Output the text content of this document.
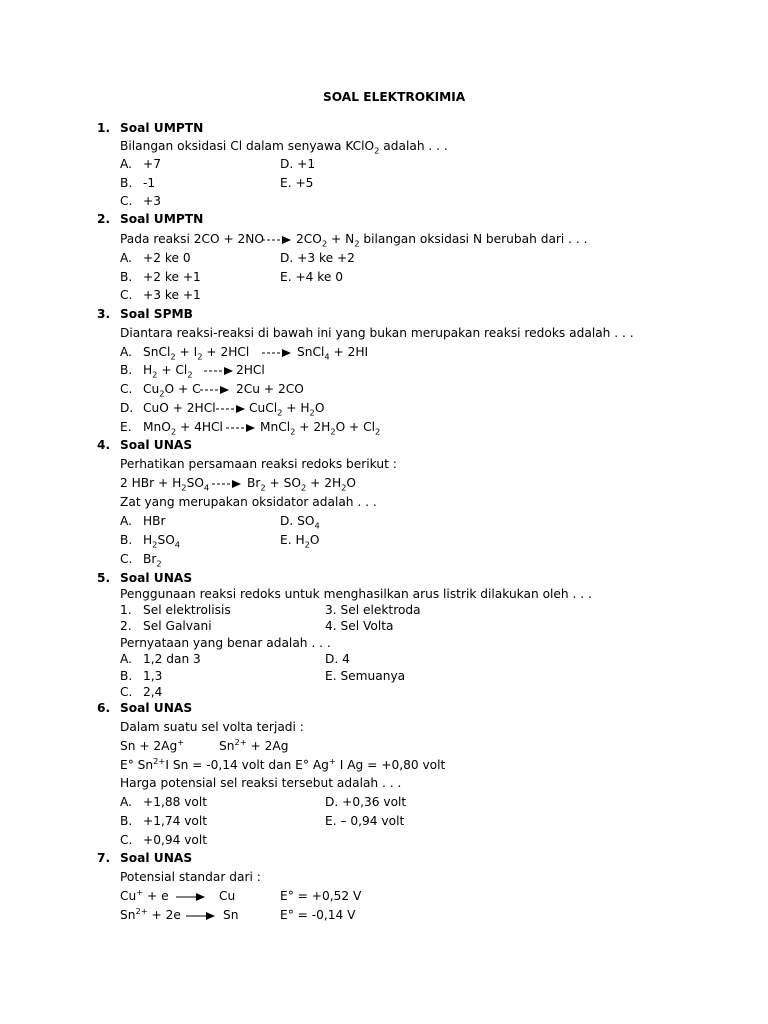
SOAL ELEKTROKIMIA
1. Soal UMPTN
Bilangan oksidasi Cl dalam senyawa KClO$_2$ adalah . . .
A. +7	D. +1
B. -1	E. +5
C. +3
2. Soal UMPTN
Pada reaksi $2CO + 2NO \to 2CO_2 + N_2$ bilangan oksidasi N berubah dari . . .
A. +2 ke 0	D. +3 ke +2
B. +2 ke +1	E. +4 ke 0
C. +3 ke +1
3. Soal SPMB
Diantara reaksi-reaksi di bawah ini yang bukan merupakan reaksi redoks adalah . . .
A. SnCl$_2$ + $I_2 + 2HCl$ → SnCl$_4$ + 2HI
B. $H_2 + Cl_2 \to 2HCl$
C. $Cu_2O + C \to 2Cu + 2CO$
D. CuO + 2HCl → CuCl$_2$ + $H_2O$
E. MnO$_2$ + 4HCl → MnCl$_2$ + $2H_2O + Cl_2$
4. Soal UNAS
Perhatikan persamaan reaksi redoks berikut :
2 HBr + $H_2SO_4 \to Br_2 + SO_2 + 2H_2O$
Zat yang merupakan oksidator adalah . . .
A. HBr	D. $SO_4$
B. $H_2SO_4$	E. $H_2O$
C. $Br_2$
5. Soal UNAS
Penggunaan reaksi redoks untuk menghasilkan arus listrik dilakukan oleh . . .
1. Sel elektrolisis	3. Sel elektroda
2. Sel Galvani	4. Sel Volta
Pernyataan yang benar adalah . . .
A. 1,2 dan 3	D. 4
B. 1,3	E. Semuanya
C. 2,4
6. Soal UNAS
Dalam suatu sel volta terjadi :
Sn + 2Ag+	$Sn^{2+} + 2Ag$
E° $Sn^{2+}I$ Sn = -0,14 volt dan E° Ag+ I Ag = +0,80 volt
Harga potensial sel reaksi tersebut adalah . . .
A. +1,88 volt	D. +0,36 volt
B. +1,74 volt	E. – 0,94 volt
C. +0,94 volt
7. Soal UNAS
Potensial standar dari :
Cu+ + e → Cu	E° = +0,52 V
$Sn^{2+} + 2e \to Sn$	E° = -0,14 V
